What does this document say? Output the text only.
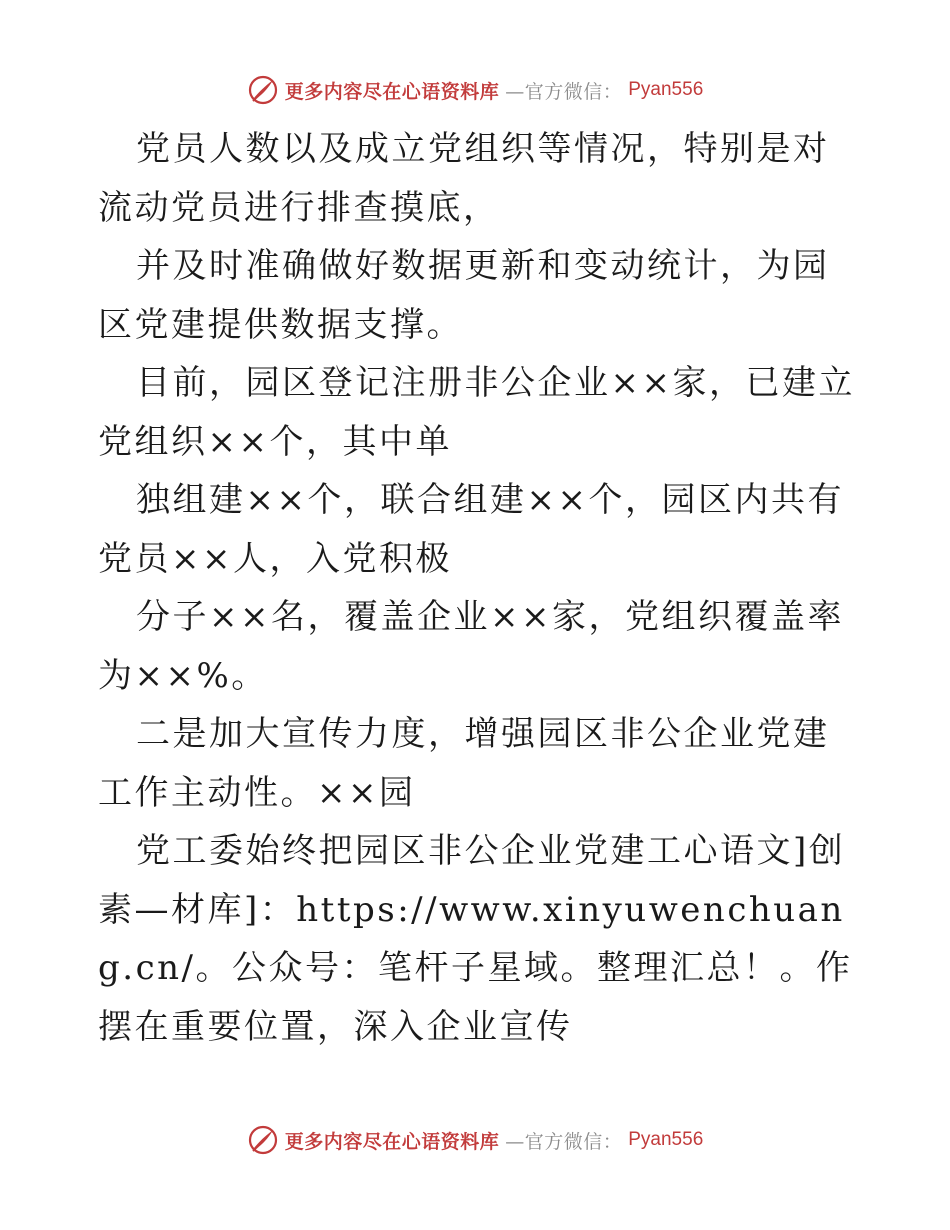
更多内容尽在心语资料库 —官方微信： Pyan556

党员人数以及成立党组织等情况，特别是对流动党员进行排查摸底，

并及时准确做好数据更新和变动统计，为园区党建提供数据支撑。

目前，园区登记注册非公企业××家，已建立党组织××个，其中单

独组建××个，联合组建××个，园区内共有党员××人，入党积极

分子××名，覆盖企业××家，党组织覆盖率为××%。

二是加大宣传力度，增强园区非公企业党建工作主动性。××园

党工委始终把园区非公企业党建工心语文]创素—材库]：https://www.xinyuwenchuang.cn/。公众号：笔杆子星域。整理汇总！。作摆在重要位置，深入企业宣传

更多内容尽在心语资料库 —官方微信： Pyan556
